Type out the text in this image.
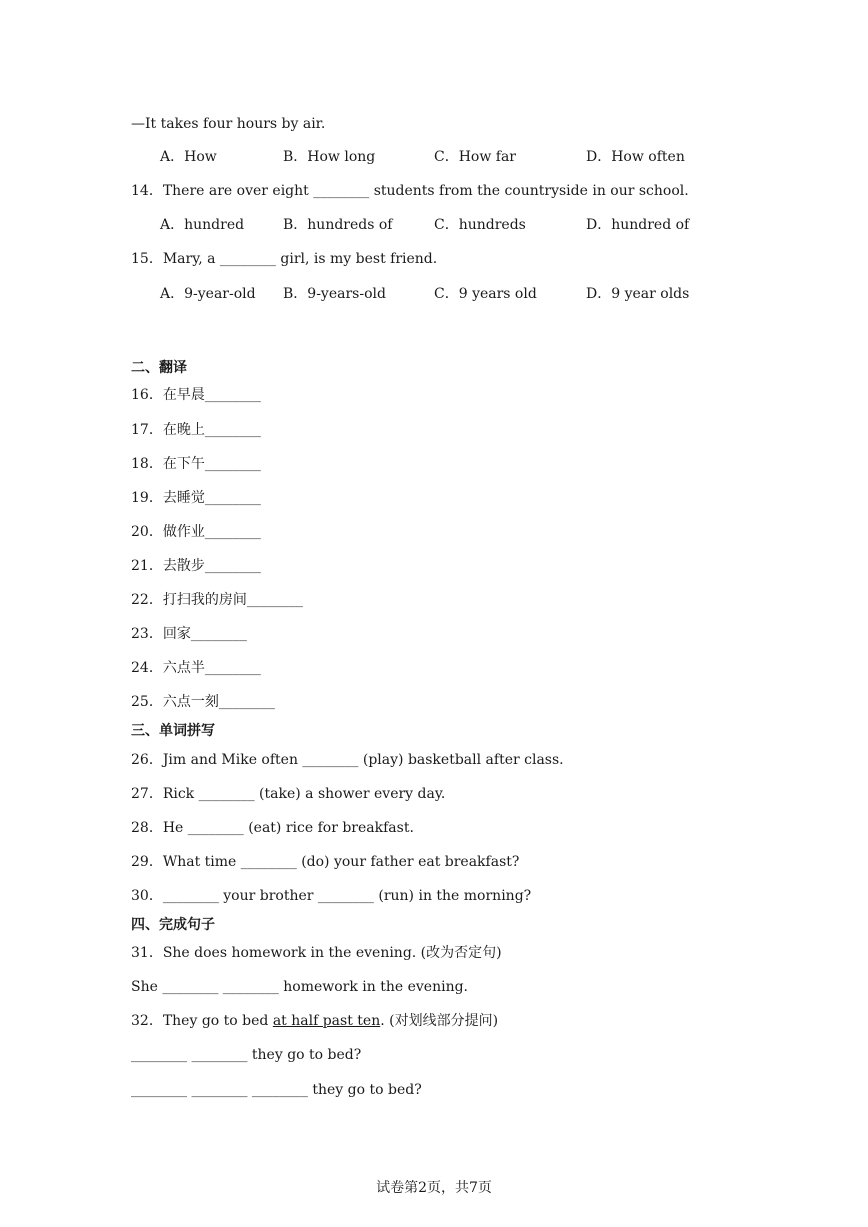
—It takes four hours by air.
A．How	B．How long	C．How far	D．How often
14．There are over eight ________ students from the countryside in our school.
A．hundred	B．hundreds of	C．hundreds	D．hundred of
15．Mary, a ________ girl, is my best friend.
A．9-year-old B．9-years-old	C．9 years old	D．9 year olds
二、翻译
16．在早晨________
17．在晚上________
18．在下午________
19．去睡觉________
20．做作业________
21．去散步________
22．打扫我的房间________
23．回家________
24．六点半________
25．六点一刻________
三、单词拼写
26．Jim and Mike often ________ (play) basketball after class.
27．Rick ________ (take) a shower every day.
28．He ________ (eat) rice for breakfast.
29．What time ________ (do) your father eat breakfast?
30．________ your brother ________ (run) in the morning?
四、完成句子
31．She does homework in the evening. (改为否定句)
She ________ ________ homework in the evening.
32．They go to bed at half past ten. (对划线部分提问)
________ ________ they go to bed?
________ ________ ________ they go to bed?
试卷第2页，共7页
